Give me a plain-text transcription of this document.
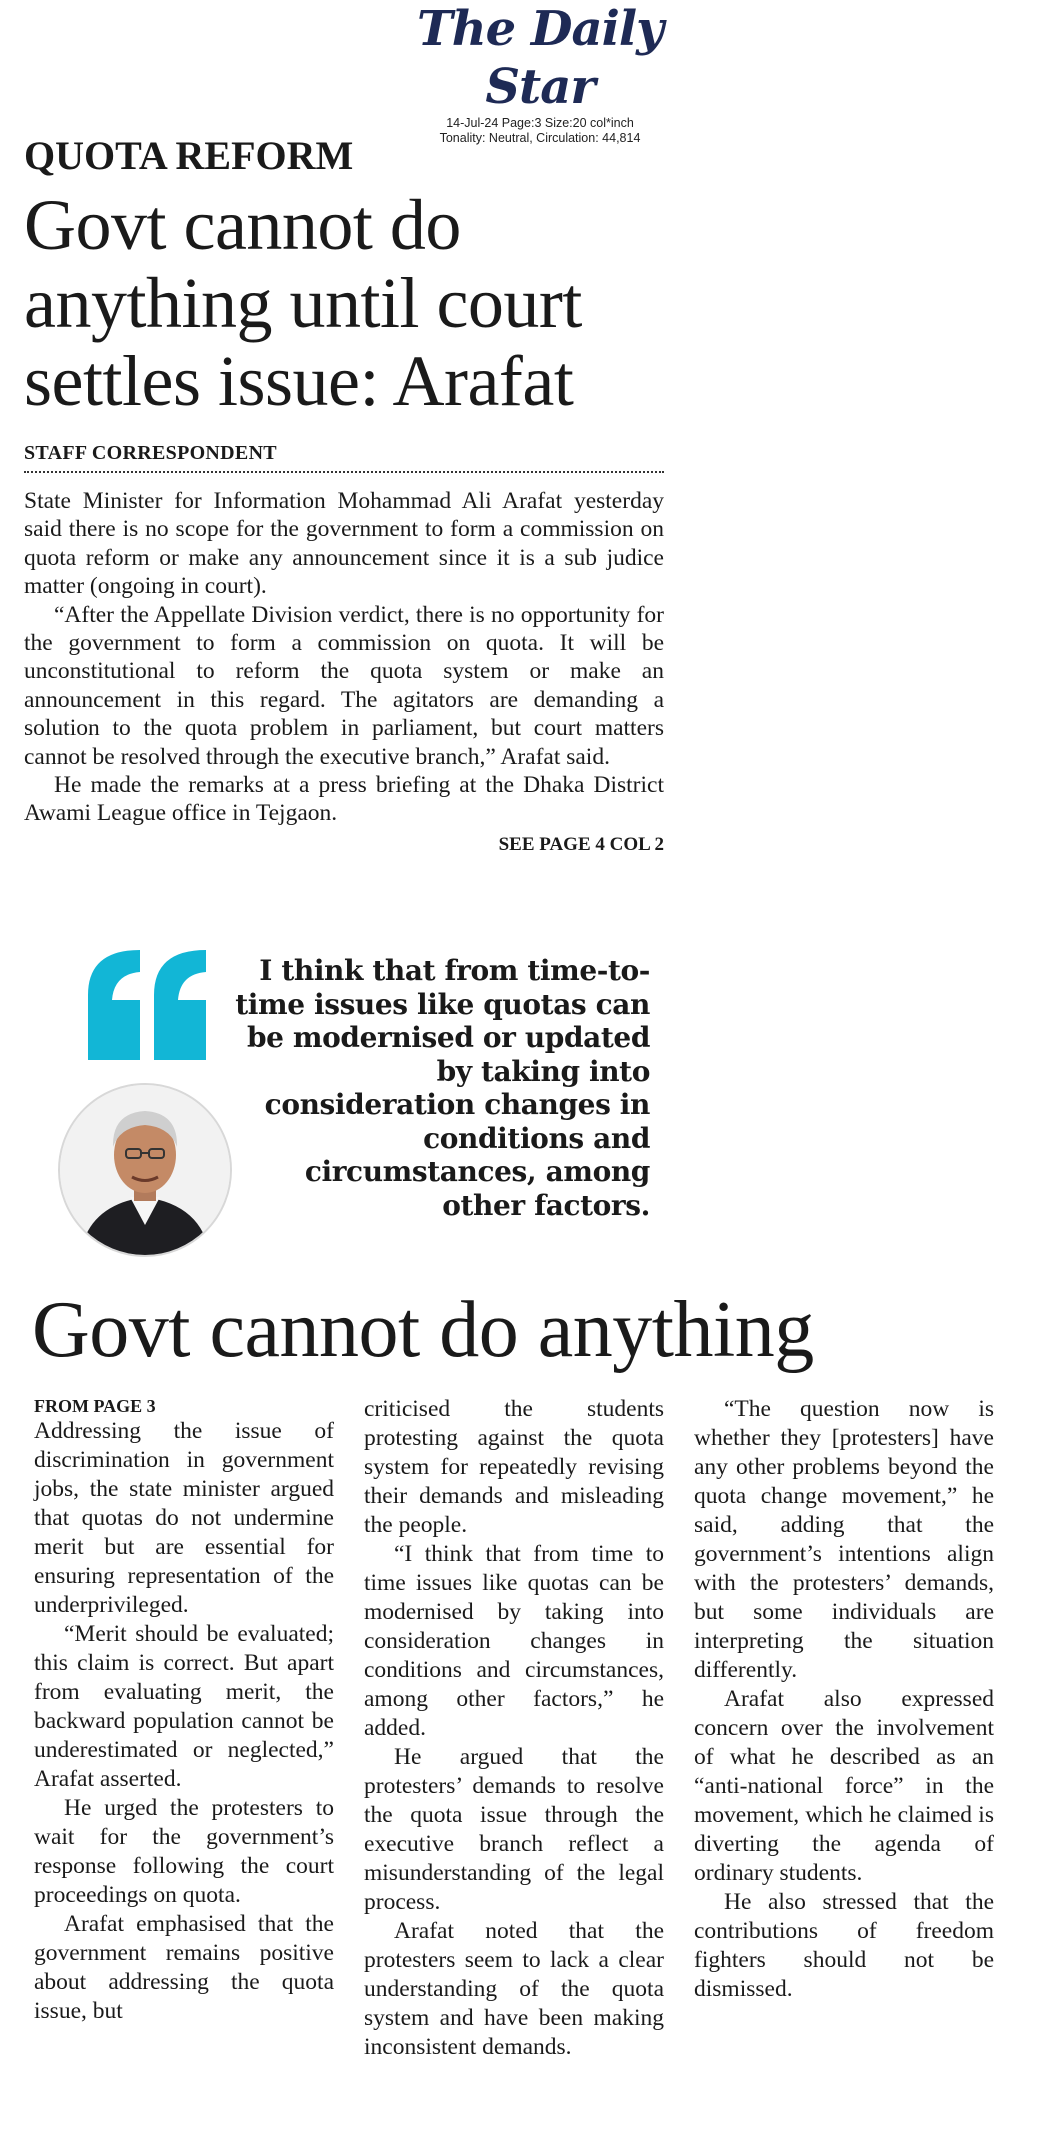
The Daily Star
14-Jul-24 Page:3 Size:20 col*inch
Tonality: Neutral, Circulation: 44,814
QUOTA REFORM
Govt cannot do anything until court settles issue: Arafat
STAFF CORRESPONDENT

State Minister for Information Mohammad Ali Arafat yesterday said there is no scope for the government to form a commission on quota reform or make any announcement since it is a sub judice matter (ongoing in court).

“After the Appellate Division verdict, there is no opportunity for the government to form a commission on quota. It will be unconstitutional to reform the quota system or make an announcement in this regard. The agitators are demanding a solution to the quota problem in parliament, but court matters cannot be resolved through the executive branch,” Arafat said.

He made the remarks at a press briefing at the Dhaka District Awami League office in Tejgaon.

SEE PAGE 4 COL 2
I think that from time-to-time issues like quotas can be modernised or updated by taking into consideration changes in conditions and circumstances, among other factors.
Govt cannot do anything
FROM PAGE 3

Addressing the issue of discrimination in government jobs, the state minister argued that quotas do not undermine merit but are essential for ensuring representation of the underprivileged.

“Merit should be evaluated; this claim is correct. But apart from evaluating merit, the backward population cannot be underestimated or neglected,” Arafat asserted.

He urged the protesters to wait for the government’s response following the court proceedings on quota.

Arafat emphasised that the government remains positive about addressing the quota issue, but

criticised the students protesting against the quota system for repeatedly revising their demands and misleading the people.

“I think that from time to time issues like quotas can be modernised by taking into consideration changes in conditions and circumstances, among other factors,” he added.

He argued that the protesters’ demands to resolve the quota issue through the executive branch reflect a misunderstanding of the legal process.

Arafat noted that the protesters seem to lack a clear understanding of the quota system and have been making inconsistent demands.

“The question now is whether they [protesters] have any other problems beyond the quota change movement,” he said, adding that the government’s intentions align with the protesters’ demands, but some individuals are interpreting the situation differently.

Arafat also expressed concern over the involvement of what he described as an “anti-national force” in the movement, which he claimed is diverting the agenda of ordinary students.

He also stressed that the contributions of freedom fighters should not be dismissed.
